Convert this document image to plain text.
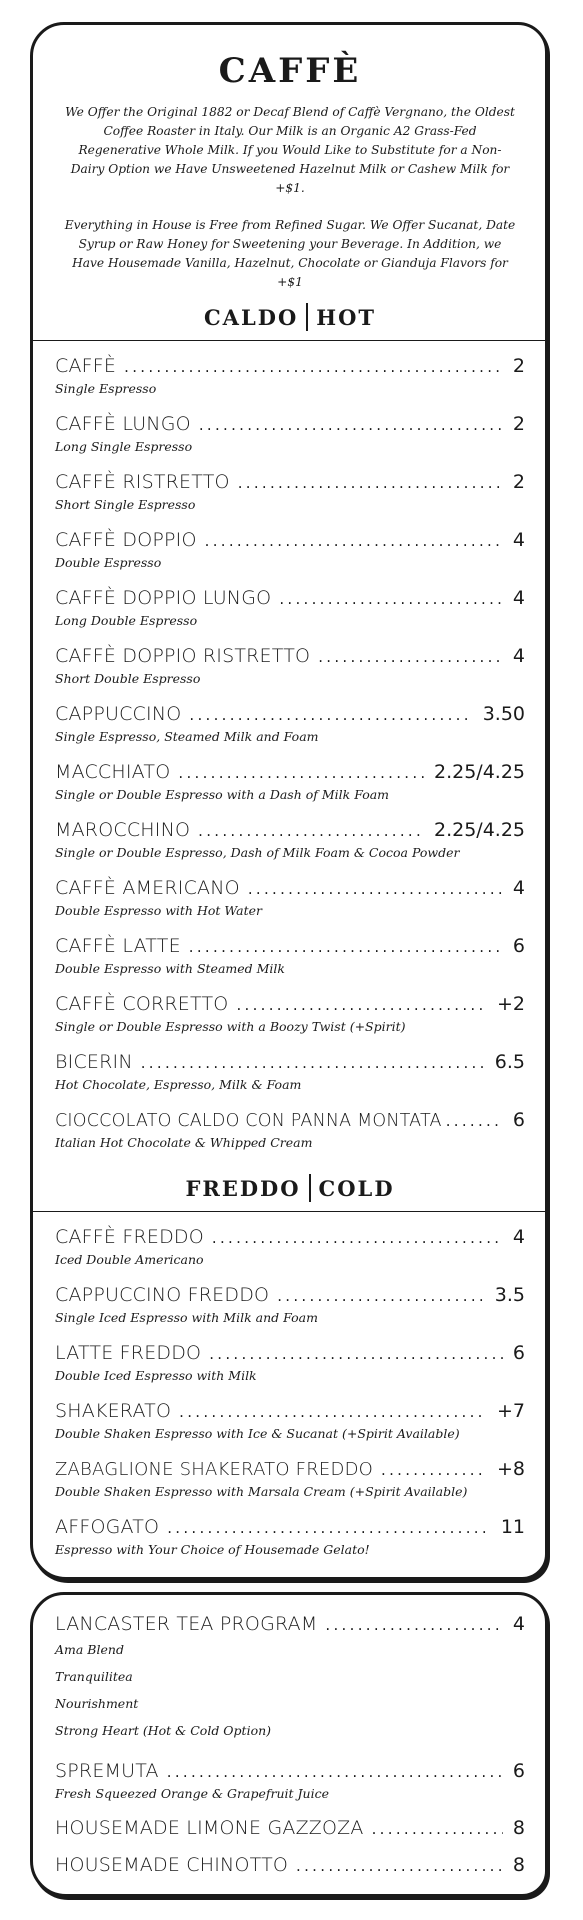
CAFFÈ

We Offer the Original 1882 or Decaf Blend of Caffè Vergnano, the Oldest Coffee Roaster in Italy. Our Milk is an Organic A2 Grass-Fed Regenerative Whole Milk. If you Would Like to Substitute for a Non-Dairy Option we Have Unsweetened Hazelnut Milk or Cashew Milk for +$1.

Everything in House is Free from Refined Sugar. We Offer Sucanat, Date Syrup or Raw Honey for Sweetening your Beverage. In Addition, we Have Housemade Vanilla, Hazelnut, Chocolate or Gianduja Flavors for +$1

CALDO HOT
CAFFÈ .....	2
Single Espresso
CAFFÈ LUNGO .....	2
Long Single Espresso
CAFFÈ RISTRETTO .....	2
Short Single Espresso
CAFFÈ DOPPIO .....	4
Double Espresso
CAFFÈ DOPPIO LUNGO .....	4
Long Double Espresso
CAFFÈ DOPPIO RISTRETTO .....	4
Short Double Espresso
CAPPUCCINO .....	3.50
Single Espresso, Steamed Milk and Foam
MACCHIATO .....	2.25/4.25
Single or Double Espresso with a Dash of Milk Foam
MAROCCHINO .....	2.25/4.25
Single or Double Espresso, Dash of Milk Foam & Cocoa Powder
CAFFÈ AMERICANO .....	4
Double Espresso with Hot Water
CAFFÈ LATTE .....	6
Double Espresso with Steamed Milk
CAFFÈ CORRETTO .....	+2
Single or Double Espresso with a Boozy Twist (+Spirit)
BICERIN .....	6.5
Hot Chocolate, Espresso, Milk & Foam
CIOCCOLATO CALDO CON PANNA MONTATA .....	6
Italian Hot Chocolate & Whipped Cream
FREDDO COLD
CAFFÈ FREDDO .....	4
Iced Double Americano
CAPPUCCINO FREDDO .....	3.5
Single Iced Espresso with Milk and Foam
LATTE FREDDO .....	6
Double Iced Espresso with Milk
SHAKERATO .....	+7
Double Shaken Espresso with Ice & Sucanat (+Spirit Available)
ZABAGLIONE SHAKERATO FREDDO .....	+8
Double Shaken Espresso with Marsala Cream (+Spirit Available)
AFFOGATO .....	11
Espresso with Your Choice of Housemade Gelato!
LANCASTER TEA PROGRAM .....	4
Ama Blend
Tranquilitea
Nourishment
Strong Heart (Hot & Cold Option)
SPREMUTA .....	6
Fresh Squeezed Orange & Grapefruit Juice
HOUSEMADE LIMONE GAZZOZA .....	8
HOUSEMADE CHINOTTO .....	8
